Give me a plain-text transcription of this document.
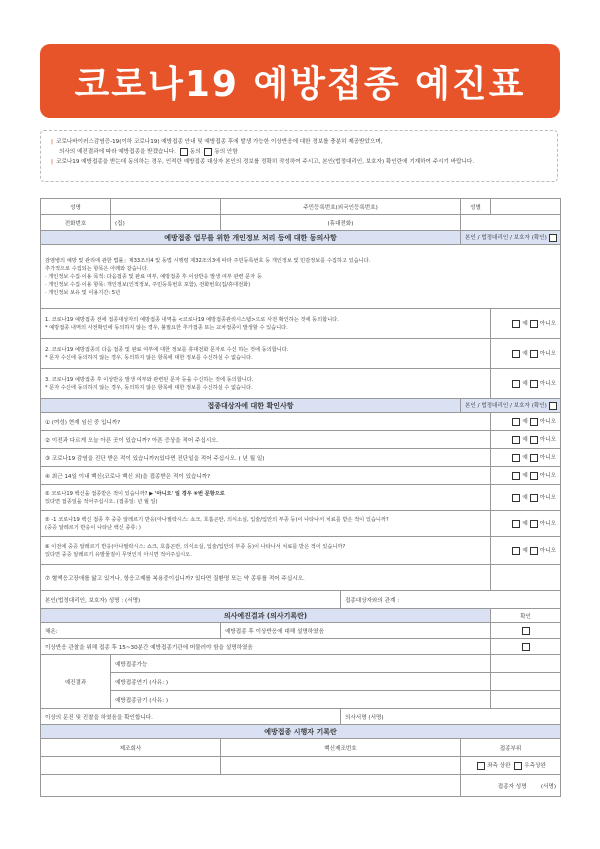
코로나19 예방접종 예진표
| 코로나바이러스감염증-19(이하 코로나19) 예방접종 안내 및 예방접종 후에 발생 가능한 이상반응에 대한 정보를 충분히 제공받았으며,
의사의 예진결과에 따라 예방접종을 받겠습니다. 동의 동의 안함
| 코로나19 예방접종을 받는데 동의하는 경우, 인적란 예방접종 대상자 본인의 정보를 정확히 작성하여 주시고, 본인(법정대리인, 보호자) 확인란에 기재하여 주시기 바랍니다.
성명		주민등록번호(외국인등록번호)		성별	
전화번호	(집)	(휴대전화)			
예방접종 업무를 위한 개인정보 처리 등에 대한 동의사항				본인 / 법정대리인 / 보호자 (확인)	

감염병의 예방 및 관리에 관한 법률」제33조의4 및 동법 시행령 제32조의3에 따라 주민등록번호 등 개인정보 및 민감정보를 수집하고 있습니다.
추가적으로 수집되는 항목은 아래와 같습니다.
· 개인정보 수집·이용 목적: 다음접종 및 완료 여부, 예방접종 후 이상반응 발생 여부 관련 문자 등
· 개인정보 수집·이용 항목: 개인정보(인적정보, 주민등록번호 포함), 전화번호(집/휴대전화)
· 개인정보 보유 및 이용기간: 5년					

1. 코로나19 예방접종 전에 접종대상자의 예방접종 내역을 <코로나19 예방접종관리시스템>으로 사전 확인하는 것에 동의합니다.
* 예방접종 내역의 사전확인에 동의하지 않는 경우, 불필요한 추가접종 또는 교차접종이 발생할 수 있습니다.					예 아니오

2. 코로나19 예방접종의 다음 접종 및 완료 여부에 대한 정보를 휴대전화 문자로 수신 하는 것에 동의합니다.
* 문자 수신에 동의하지 않는 경우, 동의하지 않은 항목에 대한 정보를 수신하실 수 없습니다.					예 아니오

3. 코로나19 예방접종 후 이상반응 발생 여부와 관련된 문자 등을 수신하는 것에 동의합니다.
* 문자 수신에 동의하지 않는 경우, 동의하지 않은 항목에 대한 정보를 수신하실 수 없습니다.					예 아니오
접종대상자에 대한 확인사항				본인 / 법정대리인 / 보호자 (확인)	
① (여성) 현재 임신 중 입니까?					예 아니오
② 이전과 다르게 오늘 아픈 곳이 있습니까? 아픈 증상을 적어 주십시오.					예 아니오
③ 코로나19 감염을 진단 받은 적이 있습니까?(있다면 진단일을 적어 주십시오. ( 년 월 일)					예 아니오
④ 최근 14일 이내 백신(코로나 백신 외)을 접종받은 적이 있습니까?					예 아니오

⑤ 코로나19 백신을 접종받은 적이 있습니까? ▶ '아니오' 일 경우 ⑥번 문항으로
있다면 접종일을 적어주십시오. (접종일: 년 월 일)					예 아니오

⑤ -1 코로나19 백신 접종 후 중증 알레르기 반응(아나필락시스: 쇼크, 호흡곤란, 의식소실, 입술/입안의 부종 등)이 나타나서 치료를 받은 적이 있습니까?
(중증 알레르기 반응이 나타난 백신 종류: )					예 아니오

⑥ 이전에 중증 알레르기 반응(아나필락시스: 쇼크, 호흡곤란, 의식소실, 입술/입안의 부종 등)이 나타나서 치료를 받은 적이 있습니까?
있다면 중증 알레르기 유발물질이 무엇인지 아시면 적어주십시오.					예 아니오
⑦ 혈액응고장애를 앓고 있거나, 항응고제를 복용중이십니까? 있다면 질환명 또는 약 종류를 적어 주십시오.					
본인(법정대리인, 보호자) 성명 : (서명)			접종대상자와의 관계 :		
의사예진결과 (의사기록란)					확인
체온:		예방접종 후 이상반응에 대해 설명하였음			
이상반응 관찰을 위해 접종 후 15~30분간 예방접종기관에 머물러야 함을 설명하였음					
예진결과	예방접종가능				
	예방접종연기 (사유: )				
	예방접종금기 (사유: )				
이상의 문진 및 진찰을 하였음을 확인합니다.			의사서명 (서명)		
예방접종 시행자 기록란					
제조회사		백신제조번호		접종부위	
				좌측 상완 우측상완	
				접종자 성명 (서명)	
